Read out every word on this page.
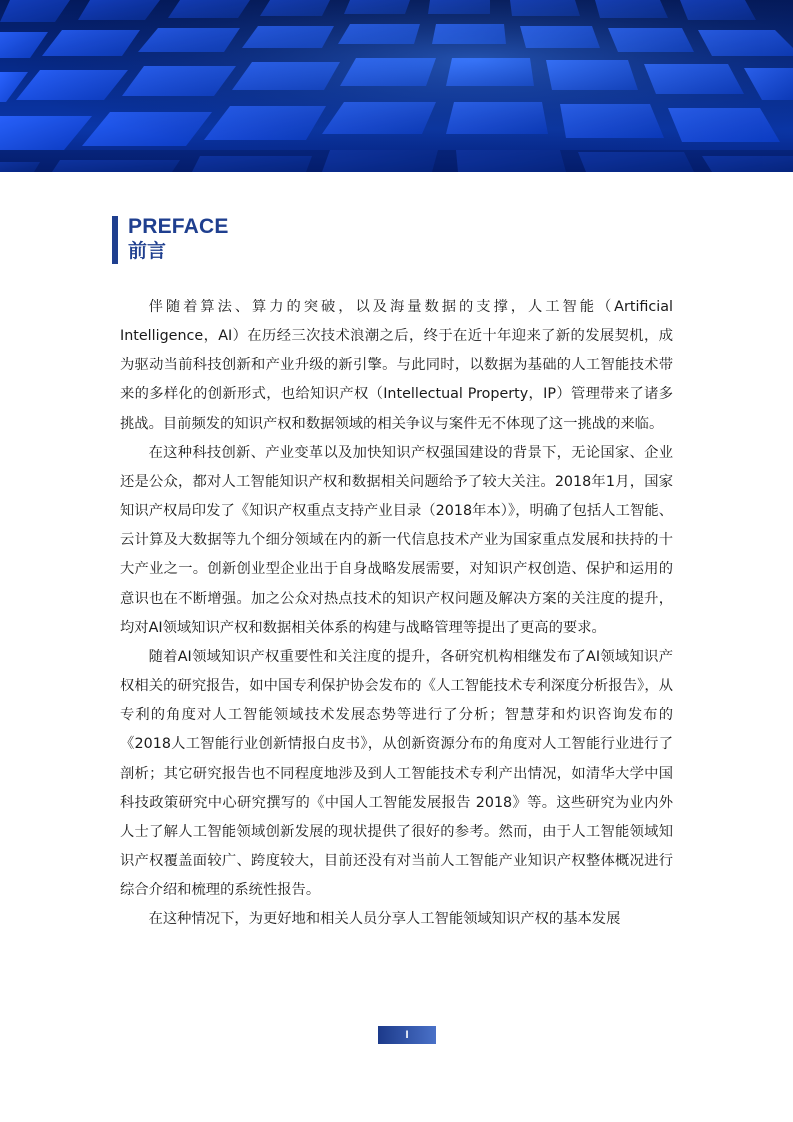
PREFACE
前言

伴随着算法、算力的突破，以及海量数据的支撑，人工智能（Artificial Intelligence，AI）在历经三次技术浪潮之后，终于在近十年迎来了新的发展契机，成为驱动当前科技创新和产业升级的新引擎。与此同时，以数据为基础的人工智能技术带来的多样化的创新形式，也给知识产权（Intellectual Property，IP）管理带来了诸多挑战。目前频发的知识产权和数据领域的相关争议与案件无不体现了这一挑战的来临。

在这种科技创新、产业变革以及加快知识产权强国建设的背景下，无论国家、企业还是公众，都对人工智能知识产权和数据相关问题给予了较大关注。2018年1月，国家知识产权局印发了《知识产权重点支持产业目录（2018年本）》，明确了包括人工智能、云计算及大数据等九个细分领域在内的新一代信息技术产业为国家重点发展和扶持的十大产业之一。创新创业型企业出于自身战略发展需要，对知识产权创造、保护和运用的意识也在不断增强。加之公众对热点技术的知识产权问题及解决方案的关注度的提升，均对AI领域知识产权和数据相关体系的构建与战略管理等提出了更高的要求。

随着AI领域知识产权重要性和关注度的提升，各研究机构相继发布了AI领域知识产权相关的研究报告，如中国专利保护协会发布的《人工智能技术专利深度分析报告》，从专利的角度对人工智能领域技术发展态势等进行了分析；智慧芽和灼识咨询发布的《2018人工智能行业创新情报白皮书》，从创新资源分布的角度对人工智能行业进行了剖析；其它研究报告也不同程度地涉及到人工智能技术专利产出情况，如清华大学中国科技政策研究中心研究撰写的《中国人工智能发展报告 2018》等。这些研究为业内外人士了解人工智能领域创新发展的现状提供了很好的参考。然而，由于人工智能领域知识产权覆盖面较广、跨度较大，目前还没有对当前人工智能产业知识产权整体概况进行综合介绍和梳理的系统性报告。

在这种情况下，为更好地和相关人员分享人工智能领域知识产权的基本发展

I
